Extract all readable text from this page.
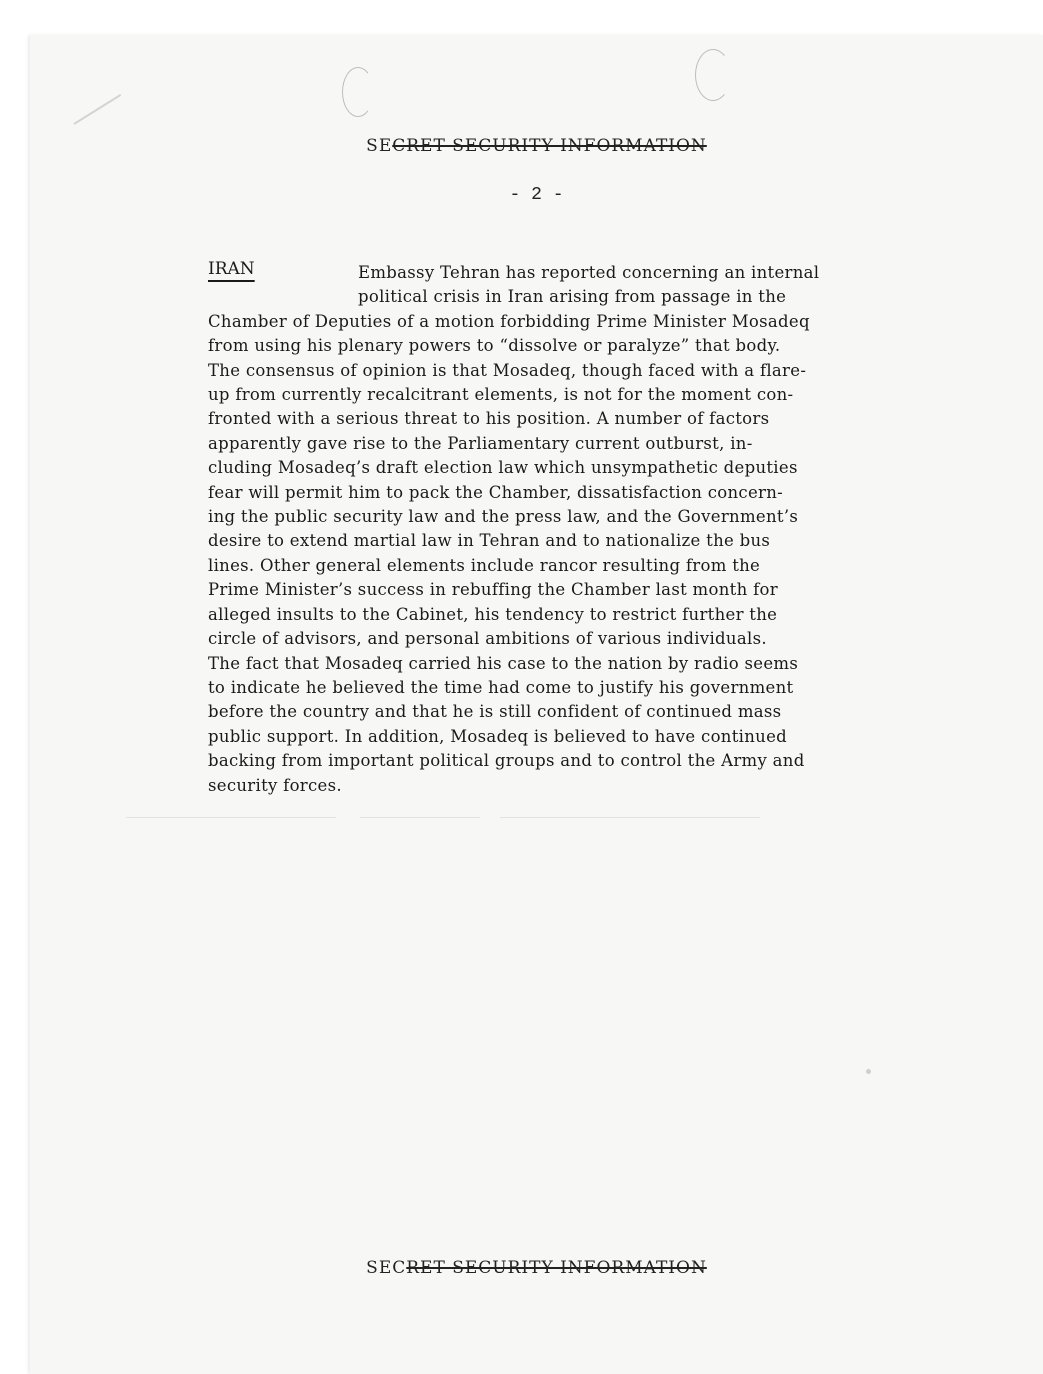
SECRET SECURITY INFORMATION
- 2 -
IRAN	Embassy Tehran has reported concerning an internal
political crisis in Iran arising from passage in the
Chamber of Deputies of a motion forbidding Prime Minister Mosadeq
from using his plenary powers to “dissolve or paralyze” that body.
The consensus of opinion is that Mosadeq, though faced with a flare-
up from currently recalcitrant elements, is not for the moment con-
fronted with a serious threat to his position. A number of factors
apparently gave rise to the Parliamentary current outburst, in-
cluding Mosadeq’s draft election law which unsympathetic deputies
fear will permit him to pack the Chamber, dissatisfaction concern-
ing the public security law and the press law, and the Government’s
desire to extend martial law in Tehran and to nationalize the bus
lines. Other general elements include rancor resulting from the
Prime Minister’s success in rebuffing the Chamber last month for
alleged insults to the Cabinet, his tendency to restrict further the
circle of advisors, and personal ambitions of various individuals.
The fact that Mosadeq carried his case to the nation by radio seems
to indicate he believed the time had come to justify his government
before the country and that he is still confident of continued mass
public support. In addition, Mosadeq is believed to have continued
backing from important political groups and to control the Army and
security forces.
SECRET SECURITY INFORMATION
